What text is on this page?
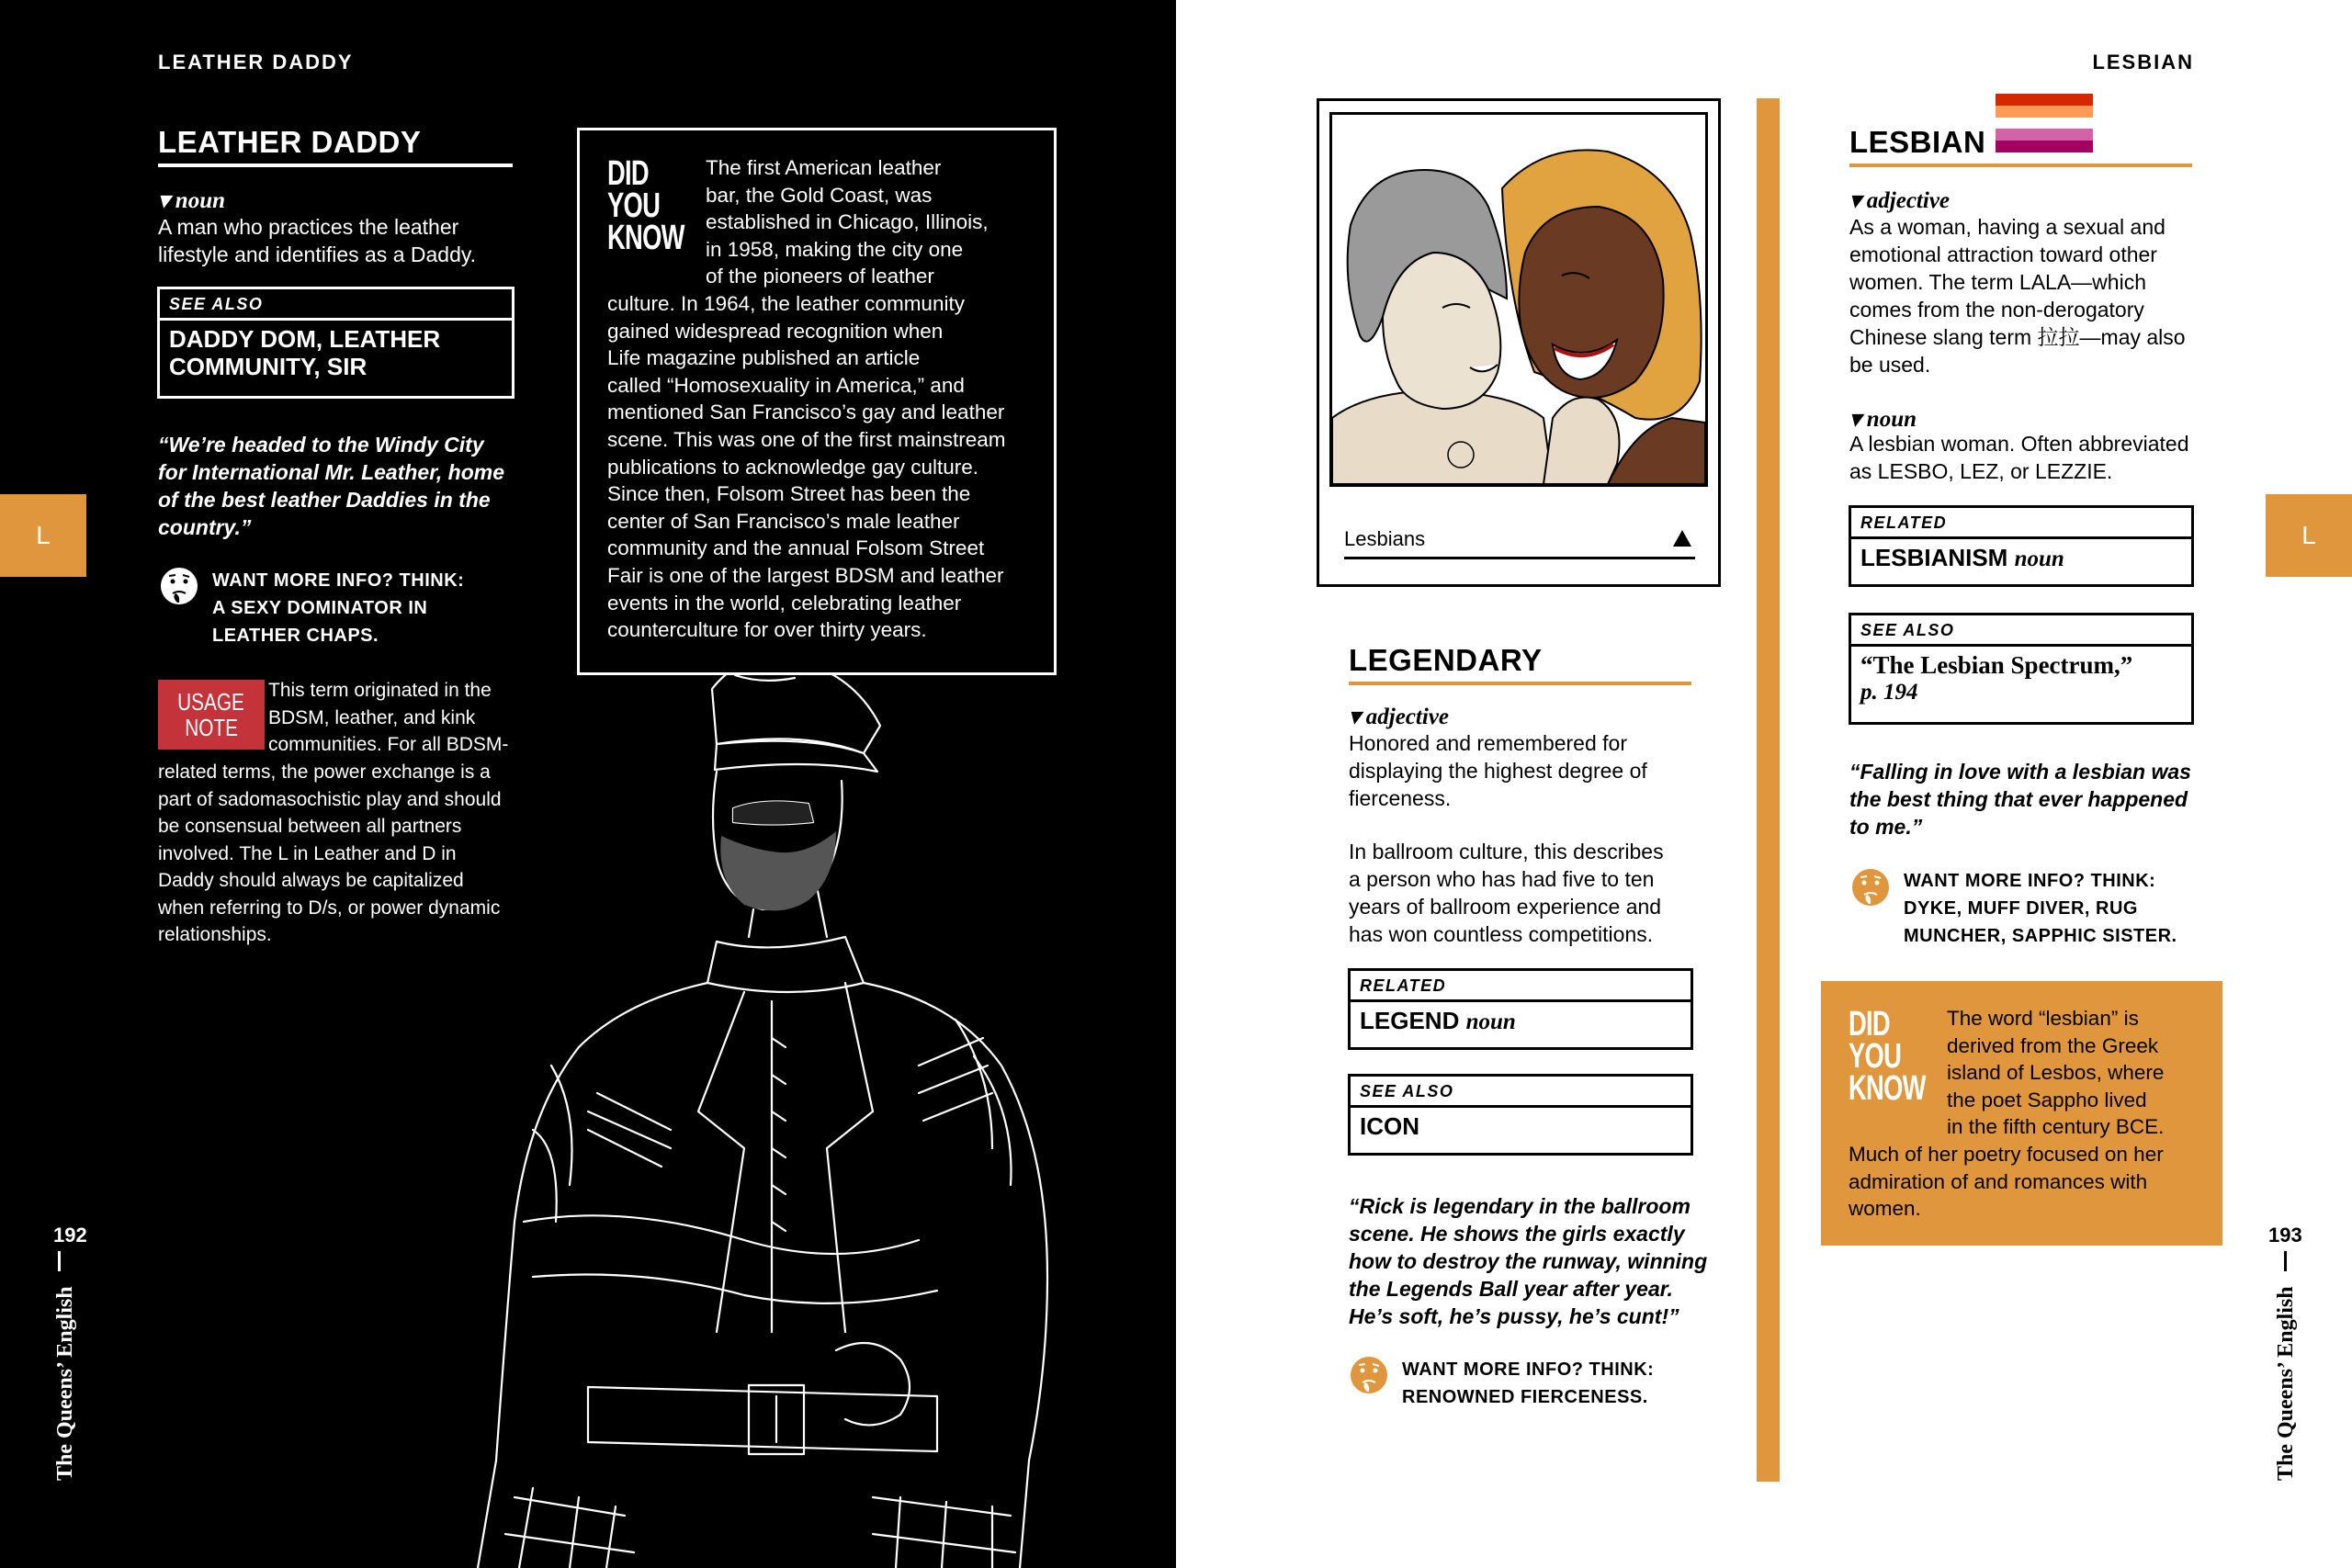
LEATHER DADDY
L
LEATHER DADDY
▾ noun
A man who practices the leather
lifestyle and identifies as a Daddy.
SEE ALSO
DADDY DOM, LEATHER
COMMUNITY, SIR
“We’re headed to the Windy City
for International Mr. Leather, home
of the best leather Daddies in the
country.”
WANT MORE INFO? THINK:
A SEXY DOMINATOR IN
LEATHER CHAPS.
USAGE
NOTE
This term originated in the
BDSM, leather, and kink
communities. For all BDSM-
related terms, the power exchange is a
part of sadomasochistic play and should
be consensual between all partners
involved. The L in Leather and D in
Daddy should always be capitalized
when referring to D/s, or power dynamic
relationships.
DID
YOU
KNOW
The first American leather
bar, the Gold Coast, was
established in Chicago, Illinois,
in 1958, making the city one
of the pioneers of leather
culture. In 1964, the leather community
gained widespread recognition when
Life magazine published an article
called “Homosexuality in America,” and
mentioned San Francisco’s gay and leather
scene. This was one of the first mainstream
publications to acknowledge gay culture.
Since then, Folsom Street has been the
center of San Francisco’s male leather
community and the annual Folsom Street
Fair is one of the largest BDSM and leather
events in the world, celebrating leather
counterculture for over thirty years.
192
The Queens’ English
LESBIAN
L
Lesbians
LEGENDARY
▾ adjective
Honored and remembered for
displaying the highest degree of
fierceness.
In ballroom culture, this describes
a person who has had five to ten
years of ballroom experience and
has won countless competitions.
RELATED
LEGEND noun
SEE ALSO
ICON
“Rick is legendary in the ballroom
scene. He shows the girls exactly
how to destroy the runway, winning
the Legends Ball year after year.
He’s soft, he’s pussy, he’s cunt!”
WANT MORE INFO? THINK:
RENOWNED FIERCENESS.
LESBIAN
▾ adjective
As a woman, having a sexual and
emotional attraction toward other
women. The term LALA—which
comes from the non-derogatory
Chinese slang term 拉拉—may also
be used.
▾ noun
A lesbian woman. Often abbreviated
as LESBO, LEZ, or LEZZIE.
RELATED
LESBIANISM noun
SEE ALSO
“The Lesbian Spectrum,”
p. 194
“Falling in love with a lesbian was
the best thing that ever happened
to me.”
WANT MORE INFO? THINK:
DYKE, MUFF DIVER, RUG
MUNCHER, SAPPHIC SISTER.
DID
YOU
KNOW
The word “lesbian” is
derived from the Greek
island of Lesbos, where
the poet Sappho lived
in the fifth century BCE.
Much of her poetry focused on her
admiration of and romances with
women.
193
The Queens’ English
